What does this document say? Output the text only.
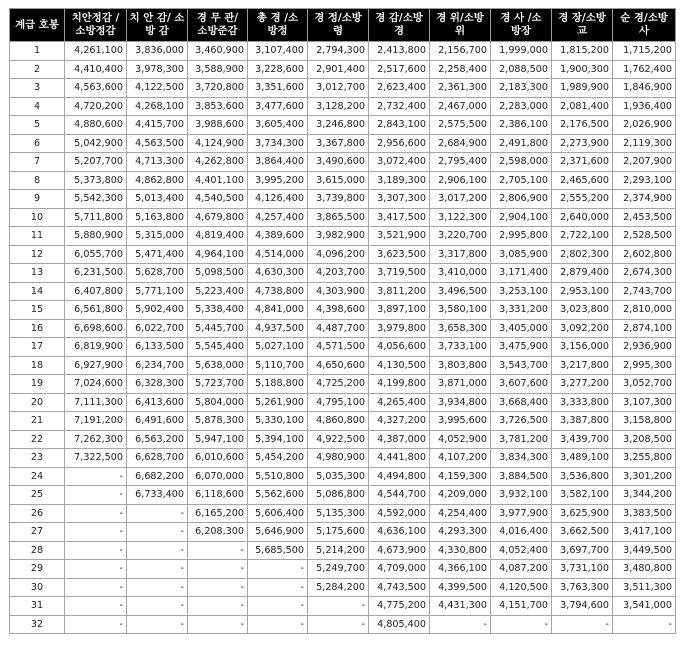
계급 호봉	치안정감 / 소방정감	치 안 감/ 소 방 감	경 무 관/ 소방준감	총 경 /소 방정	경 정/소방 령	경 감/소방 경	경 위/소방 위	경 사 /소 방장	경 장/소방 교	순 경/소방 사
1	4,261,100	3,836,000	3,460,900	3,107,400	2,794,300	2,413,800	2,156,700	1,999,000	1,815,200	1,715,200
2	4,410,400	3,978,300	3,588,900	3,228,600	2,901,400	2,517,600	2,258,400	2,088,500	1,900,300	1,762,400
3	4,563,600	4,122,500	3,720,800	3,351,600	3,012,700	2,623,400	2,361,300	2,183,300	1,989,900	1,846,900
4	4,720,200	4,268,100	3,853,600	3,477,600	3,128,200	2,732,400	2,467,000	2,283,000	2,081,400	1,936,400
5	4,880,600	4,415,700	3,988,600	3,605,400	3,246,800	2,843,100	2,575,500	2,386,100	2,176,500	2,026,900
6	5,042,900	4,563,500	4,124,900	3,734,300	3,367,800	2,956,600	2,684,900	2,491,800	2,273,900	2,119,300
7	5,207,700	4,713,300	4,262,800	3,864,400	3,490,600	3,072,400	2,795,400	2,598,000	2,371,600	2,207,900
8	5,373,800	4,862,800	4,401,100	3,995,200	3,615,000	3,189,300	2,906,100	2,705,100	2,465,600	2,293,100
9	5,542,300	5,013,400	4,540,500	4,126,400	3,739,800	3,307,300	3,017,200	2,806,900	2,555,200	2,374,900
10	5,711,800	5,163,800	4,679,800	4,257,400	3,865,500	3,417,500	3,122,300	2,904,100	2,640,000	2,453,500
11	5,880,900	5,315,000	4,819,400	4,389,600	3,982,900	3,521,900	3,220,700	2,995,800	2,722,100	2,528,500
12	6,055,700	5,471,400	4,964,100	4,514,000	4,096,200	3,623,500	3,317,800	3,085,900	2,802,300	2,602,800
13	6,231,500	5,628,700	5,098,500	4,630,300	4,203,700	3,719,500	3,410,000	3,171,400	2,879,400	2,674,300
14	6,407,800	5,771,100	5,223,400	4,738,800	4,303,900	3,811,200	3,496,500	3,253,100	2,953,100	2,743,700
15	6,561,800	5,902,400	5,338,400	4,841,000	4,398,600	3,897,100	3,580,100	3,331,200	3,023,800	2,810,000
16	6,698,600	6,022,700	5,445,700	4,937,500	4,487,700	3,979,800	3,658,300	3,405,000	3,092,200	2,874,100
17	6,819,900	6,133,500	5,545,400	5,027,100	4,571,500	4,056,600	3,733,100	3,475,900	3,156,000	2,936,900
18	6,927,900	6,234,700	5,638,000	5,110,700	4,650,600	4,130,500	3,803,800	3,543,700	3,217,800	2,995,300
19	7,024,600	6,328,300	5,723,700	5,188,800	4,725,200	4,199,800	3,871,000	3,607,600	3,277,200	3,052,700
20	7,111,300	6,413,600	5,804,000	5,261,900	4,795,100	4,265,400	3,934,800	3,668,400	3,333,800	3,107,300
21	7,191,200	6,491,600	5,878,300	5,330,100	4,860,800	4,327,200	3,995,600	3,726,500	3,387,800	3,158,800
22	7,262,300	6,563,200	5,947,100	5,394,100	4,922,500	4,387,000	4,052,900	3,781,200	3,439,700	3,208,500
23	7,322,500	6,628,700	6,010,600	5,454,200	4,980,900	4,441,800	4,107,200	3,834,300	3,489,100	3,255,800
24	-	6,682,200	6,070,000	5,510,800	5,035,300	4,494,800	4,159,300	3,884,500	3,536,800	3,301,200
25	-	6,733,400	6,118,600	5,562,600	5,086,800	4,544,700	4,209,000	3,932,100	3,582,100	3,344,200
26	-	-	6,165,200	5,606,400	5,135,300	4,592,000	4,254,400	3,977,900	3,625,900	3,383,500
27	-	-	6,208,300	5,646,900	5,175,600	4,636,100	4,293,300	4,016,400	3,662,500	3,417,100
28	-	-	-	5,685,500	5,214,200	4,673,900	4,330,800	4,052,400	3,697,700	3,449,500
29	-	-	-	-	5,249,700	4,709,000	4,366,100	4,087,200	3,731,100	3,480,800
30	-	-	-	-	5,284,200	4,743,500	4,399,500	4,120,500	3,763,300	3,511,300
31	-	-	-	-	-	4,775,200	4,431,300	4,151,700	3,794,600	3,541,000
32	-	-	-	-	-	4,805,400	-	-	-	-
